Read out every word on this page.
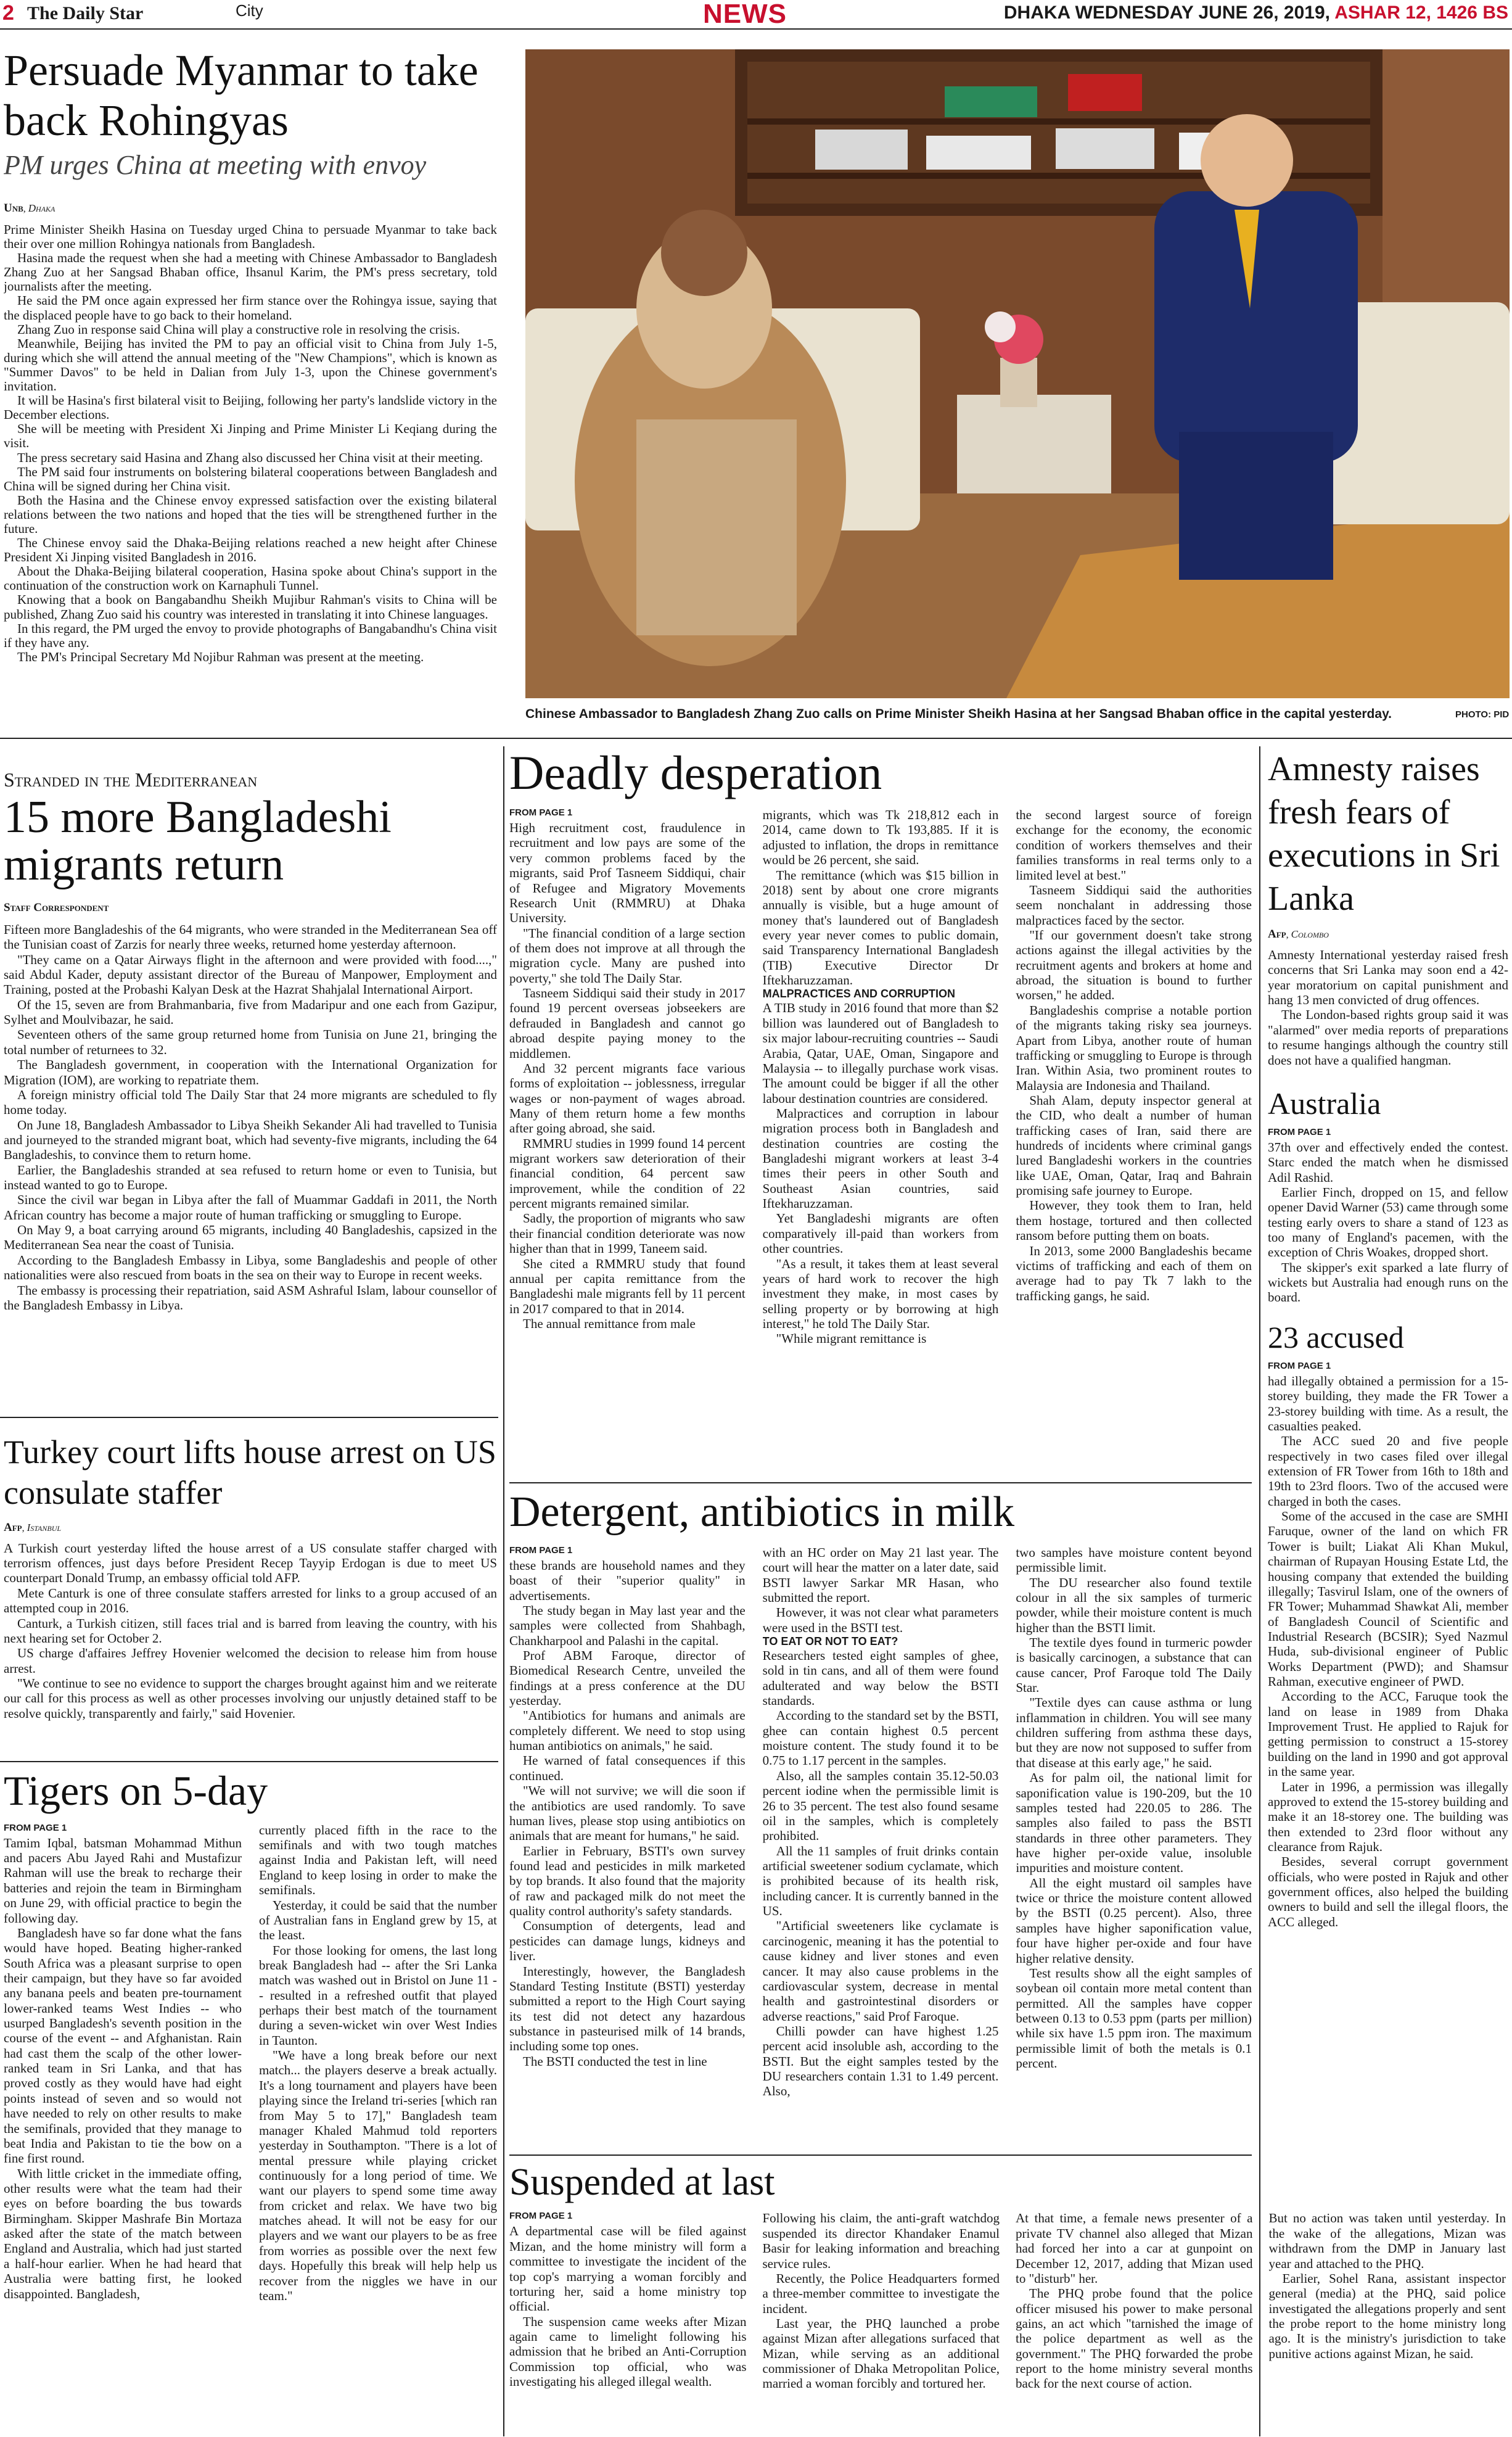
2 The Daily Star	City	NEWS	DHAKA WEDNESDAY JUNE 26, 2019, ASHAR 12, 1426 BS
Persuade Myanmar to take back Rohingyas
PM urges China at meeting with envoy
Unb, Dhaka

Prime Minister Sheikh Hasina on Tuesday urged China to persuade Myanmar to take back their over one million Rohingya nationals from Bangladesh.

Hasina made the request when she had a meeting with Chinese Ambassador to Bangladesh Zhang Zuo at her Sangsad Bhaban office, Ihsanul Karim, the PM's press secretary, told journalists after the meeting.

He said the PM once again expressed her firm stance over the Rohingya issue, saying that the displaced people have to go back to their homeland.

Zhang Zuo in response said China will play a constructive role in resolving the crisis.

Meanwhile, Beijing has invited the PM to pay an official visit to China from July 1-5, during which she will attend the annual meeting of the "New Champions", which is known as "Summer Davos" to be held in Dalian from July 1-3, upon the Chinese government's invitation.

It will be Hasina's first bilateral visit to Beijing, following her party's landslide victory in the December elections.

She will be meeting with President Xi Jinping and Prime Minister Li Keqiang during the visit.

The press secretary said Hasina and Zhang also discussed her China visit at their meeting.

The PM said four instruments on bolstering bilateral cooperations between Bangladesh and China will be signed during her China visit.

Both the Hasina and the Chinese envoy expressed satisfaction over the existing bilateral relations between the two nations and hoped that the ties will be strengthened further in the future.

The Chinese envoy said the Dhaka-Beijing relations reached a new height after Chinese President Xi Jinping visited Bangladesh in 2016.

About the Dhaka-Beijing bilateral cooperation, Hasina spoke about China's support in the continuation of the construction work on Karnaphuli Tunnel.

Knowing that a book on Bangabandhu Sheikh Mujibur Rahman's visits to China will be published, Zhang Zuo said his country was interested in translating it into Chinese languages.

In this regard, the PM urged the envoy to provide photographs of Bangabandhu's China visit if they have any.

The PM's Principal Secretary Md Nojibur Rahman was present at the meeting.

Chinese Ambassador to Bangladesh Zhang Zuo calls on Prime Minister Sheikh Hasina at her Sangsad Bhaban office in the capital yesterday.	PHOTO: PID
Stranded in the Mediterranean
15 more Bangladeshi migrants return
Staff Correspondent

Fifteen more Bangladeshis of the 64 migrants, who were stranded in the Mediterranean Sea off the Tunisian coast of Zarzis for nearly three weeks, returned home yesterday afternoon.

"They came on a Qatar Airways flight in the afternoon and were provided with food....," said Abdul Kader, deputy assistant director of the Bureau of Manpower, Employment and Training, posted at the Probashi Kalyan Desk at the Hazrat Shahjalal International Airport.

Of the 15, seven are from Brahmanbaria, five from Madaripur and one each from Gazipur, Sylhet and Moulvibazar, he said.

Seventeen others of the same group returned home from Tunisia on June 21, bringing the total number of returnees to 32.

The Bangladesh government, in cooperation with the International Organization for Migration (IOM), are working to repatriate them.

A foreign ministry official told The Daily Star that 24 more migrants are scheduled to fly home today.

On June 18, Bangladesh Ambassador to Libya Sheikh Sekander Ali had travelled to Tunisia and journeyed to the stranded migrant boat, which had seventy-five migrants, including the 64 Bangladeshis, to convince them to return home.

Earlier, the Bangladeshis stranded at sea refused to return home or even to Tunisia, but instead wanted to go to Europe.

Since the civil war began in Libya after the fall of Muammar Gaddafi in 2011, the North African country has become a major route of human trafficking or smuggling to Europe.

On May 9, a boat carrying around 65 migrants, including 40 Bangladeshis, capsized in the Mediterranean Sea near the coast of Tunisia.

According to the Bangladesh Embassy in Libya, some Bangladeshis and people of other nationalities were also rescued from boats in the sea on their way to Europe in recent weeks.

The embassy is processing their repatriation, said ASM Ashraful Islam, labour counsellor of the Bangladesh Embassy in Libya.

Turkey court lifts house arrest on US consulate staffer
Afp, Istanbul

A Turkish court yesterday lifted the house arrest of a US consulate staffer charged with terrorism offences, just days before President Recep Tayyip Erdogan is due to meet US counterpart Donald Trump, an embassy official told AFP.

Mete Canturk is one of three consulate staffers arrested for links to a group accused of an attempted coup in 2016.

Canturk, a Turkish citizen, still faces trial and is barred from leaving the country, with his next hearing set for October 2.

US charge d'affaires Jeffrey Hovenier welcomed the decision to release him from house arrest.

"We continue to see no evidence to support the charges brought against him and we reiterate our call for this process as well as other processes involving our unjustly detained staff to be resolve quickly, transparently and fairly," said Hovenier.

Tigers on 5-day
FROM PAGE 1

Tamim Iqbal, batsman Mohammad Mithun and pacers Abu Jayed Rahi and Mustafizur Rahman will use the break to recharge their batteries and rejoin the team in Birmingham on June 29, with official practice to begin the following day.

Bangladesh have so far done what the fans would have hoped. Beating higher-ranked South Africa was a pleasant surprise to open their campaign, but they have so far avoided any banana peels and beaten pre-tournament lower-ranked teams West Indies -- who usurped Bangladesh's seventh position in the course of the event -- and Afghanistan. Rain had cast them the scalp of the other lower-ranked team in Sri Lanka, and that has proved costly as they would have had eight points instead of seven and so would not have needed to rely on other results to make the semifinals, provided that they manage to beat India and Pakistan to tie the bow on a fine first round.

With little cricket in the immediate offing, other results were what the team had their eyes on before boarding the bus towards Birmingham. Skipper Mashrafe Bin Mortaza asked after the state of the match between England and Australia, which had just started a half-hour earlier. When he had heard that Australia were batting first, he looked disappointed. Bangladesh,

currently placed fifth in the race to the semifinals and with two tough matches against India and Pakistan left, will need England to keep losing in order to make the semifinals.

Yesterday, it could be said that the number of Australian fans in England grew by 15, at the least.

For those looking for omens, the last long break Bangladesh had -- after the Sri Lanka match was washed out in Bristol on June 11 -- resulted in a refreshed outfit that played perhaps their best match of the tournament during a seven-wicket win over West Indies in Taunton.

"We have a long break before our next match... the players deserve a break actually. It's a long tournament and players have been playing since the Ireland tri-series [which ran from May 5 to 17]," Bangladesh team manager Khaled Mahmud told reporters yesterday in Southampton. "There is a lot of mental pressure while playing cricket continuously for a long period of time. We want our players to spend some time away from cricket and relax. We have two big matches ahead. It will not be easy for our players and we want our players to be as free from worries as possible over the next few days. Hopefully this break will help help us recover from the niggles we have in our team."

Deadly desperation
FROM PAGE 1

High recruitment cost, fraudulence in recruitment and low pays are some of the very common problems faced by the migrants, said Prof Tasneem Siddiqui, chair of Refugee and Migratory Movements Research Unit (RMMRU) at Dhaka University.

"The financial condition of a large section of them does not improve at all through the migration cycle. Many are pushed into poverty," she told The Daily Star.

Tasneem Siddiqui said their study in 2017 found 19 percent overseas jobseekers are defrauded in Bangladesh and cannot go abroad despite paying money to the middlemen.

And 32 percent migrants face various forms of exploitation -- joblessness, irregular wages or non-payment of wages abroad. Many of them return home a few months after going abroad, she said.

RMMRU studies in 1999 found 14 percent migrant workers saw deterioration of their financial condition, 64 percent saw improvement, while the condition of 22 percent migrants remained similar.

Sadly, the proportion of migrants who saw their financial condition deteriorate was now higher than that in 1999, Taneem said.

She cited a RMMRU study that found annual per capita remittance from the Bangladeshi male migrants fell by 11 percent in 2017 compared to that in 2014.

The annual remittance from male

migrants, which was Tk 218,812 each in 2014, came down to Tk 193,885. If it is adjusted to inflation, the drops in remittance would be 26 percent, she said.

The remittance (which was $15 billion in 2018) sent by about one crore migrants annually is visible, but a huge amount of money that's laundered out of Bangladesh every year never comes to public domain, said Transparency International Bangladesh (TIB) Executive Director Dr Iftekharuzzaman.

MALPRACTICES AND CORRUPTION

A TIB study in 2016 found that more than $2 billion was laundered out of Bangladesh to six major labour-recruiting countries -- Saudi Arabia, Qatar, UAE, Oman, Singapore and Malaysia -- to illegally purchase work visas. The amount could be bigger if all the other labour destination countries are considered.

Malpractices and corruption in labour migration process both in Bangladesh and destination countries are costing the Bangladeshi migrant workers at least 3-4 times their peers in other South and Southeast Asian countries, said Iftekharuzzaman.

Yet Bangladeshi migrants are often comparatively ill-paid than workers from other countries.

"As a result, it takes them at least several years of hard work to recover the high investment they make, in most cases by selling property or by borrowing at high interest," he told The Daily Star.

"While migrant remittance is

the second largest source of foreign exchange for the economy, the economic condition of workers themselves and their families transforms in real terms only to a limited level at best."

Tasneem Siddiqui said the authorities seem nonchalant in addressing those malpractices faced by the sector.

"If our government doesn't take strong actions against the illegal activities by the recruitment agents and brokers at home and abroad, the situation is bound to further worsen," he added.

Bangladeshis comprise a notable portion of the migrants taking risky sea journeys. Apart from Libya, another route of human trafficking or smuggling to Europe is through Iran. Within Asia, two prominent routes to Malaysia are Indonesia and Thailand.

Shah Alam, deputy inspector general at the CID, who dealt a number of human trafficking cases of Iran, said there are hundreds of incidents where criminal gangs lured Bangladeshi workers in the countries like UAE, Oman, Qatar, Iraq and Bahrain promising safe journey to Europe.

However, they took them to Iran, held them hostage, tortured and then collected ransom before putting them on boats.

In 2013, some 2000 Bangladeshis became victims of trafficking and each of them on average had to pay Tk 7 lakh to the trafficking gangs, he said.

Detergent, antibiotics in milk
FROM PAGE 1

these brands are household names and they boast of their "superior quality" in advertisements.

The study began in May last year and the samples were collected from Shahbagh, Chankharpool and Palashi in the capital.

Prof ABM Faroque, director of Biomedical Research Centre, unveiled the findings at a press conference at the DU yesterday.

"Antibiotics for humans and animals are completely different. We need to stop using human antibiotics on animals," he said.

He warned of fatal consequences if this continued.

"We will not survive; we will die soon if the antibiotics are used randomly. To save human lives, please stop using antibiotics on animals that are meant for humans," he said.

Earlier in February, BSTI's own survey found lead and pesticides in milk marketed by top brands. It also found that the majority of raw and packaged milk do not meet the quality control authority's safety standards.

Consumption of detergents, lead and pesticides can damage lungs, kidneys and liver.

Interestingly, however, the Bangladesh Standard Testing Institute (BSTI) yesterday submitted a report to the High Court saying its test did not detect any hazardous substance in pasteurised milk of 14 brands, including some top ones.

The BSTI conducted the test in line

with an HC order on May 21 last year. The court will hear the matter on a later date, said BSTI lawyer Sarkar MR Hasan, who submitted the report.

However, it was not clear what parameters were used in the BSTI test.

TO EAT OR NOT TO EAT?

Researchers tested eight samples of ghee, sold in tin cans, and all of them were found adulterated and way below the BSTI standards.

According to the standard set by the BSTI, ghee can contain highest 0.5 percent moisture content. The study found it to be 0.75 to 1.17 percent in the samples.

Also, all the samples contain 35.12-50.03 percent iodine when the permissible limit is 26 to 35 percent. The test also found sesame oil in the samples, which is completely prohibited.

All the 11 samples of fruit drinks contain artificial sweetener sodium cyclamate, which is prohibited because of its health risk, including cancer. It is currently banned in the US.

"Artificial sweeteners like cyclamate is carcinogenic, meaning it has the potential to cause kidney and liver stones and even cancer. It may also cause problems in the cardiovascular system, decrease in mental health and gastrointestinal disorders or adverse reactions," said Prof Faroque.

Chilli powder can have highest 1.25 percent acid insoluble ash, according to the BSTI. But the eight samples tested by the DU researchers contain 1.31 to 1.49 percent. Also,

two samples have moisture content beyond permissible limit.

The DU researcher also found textile colour in all the six samples of turmeric powder, while their moisture content is much higher than the BSTI limit.

The textile dyes found in turmeric powder is basically carcinogen, a substance that can cause cancer, Prof Faroque told The Daily Star.

"Textile dyes can cause asthma or lung inflammation in children. You will see many children suffering from asthma these days, but they are now not supposed to suffer from that disease at this early age," he said.

As for palm oil, the national limit for saponification value is 190-209, but the 10 samples tested had 220.05 to 286. The samples also failed to pass the BSTI standards in three other parameters. They have higher per-oxide value, insoluble impurities and moisture content.

All the eight mustard oil samples have twice or thrice the moisture content allowed by the BSTI (0.25 percent). Also, three samples have higher saponification value, four have higher per-oxide and four have higher relative density.

Test results show all the eight samples of soybean oil contain more metal content than permitted. All the samples have copper between 0.13 to 0.53 ppm (parts per million) while six have 1.5 ppm iron. The maximum permissible limit of both the metals is 0.1 percent.

Suspended at last
FROM PAGE 1

A departmental case will be filed against Mizan, and the home ministry will form a committee to investigate the incident of the top cop's marrying a woman forcibly and torturing her, said a home ministry top official.

The suspension came weeks after Mizan again came to limelight following his admission that he bribed an Anti-Corruption Commission top official, who was investigating his alleged illegal wealth.

Following his claim, the anti-graft watchdog suspended its director Khandaker Enamul Basir for leaking information and breaching service rules.

Recently, the Police Headquarters formed a three-member committee to investigate the incident.

Last year, the PHQ launched a probe against Mizan after allegations surfaced that Mizan, while serving as an additional commissioner of Dhaka Metropolitan Police, married a woman forcibly and tortured her.

At that time, a female news presenter of a private TV channel also alleged that Mizan had forced her into a car at gunpoint on December 12, 2017, adding that Mizan used to "disturb" her.

The PHQ probe found that the police officer misused his power to make personal gains, an act which "tarnished the image of the police department as well as the government." The PHQ forwarded the probe report to the home ministry several months back for the next course of action.

But no action was taken until yesterday. In the wake of the allegations, Mizan was withdrawn from the DMP in January last year and attached to the PHQ.

Earlier, Sohel Rana, assistant inspector general (media) at the PHQ, said police investigated the allegations properly and sent the probe report to the home ministry long ago. It is the ministry's jurisdiction to take punitive actions against Mizan, he said.

Amnesty raises fresh fears of executions in Sri Lanka
Afp, Colombo

Amnesty International yesterday raised fresh concerns that Sri Lanka may soon end a 42-year moratorium on capital punishment and hang 13 men convicted of drug offences.

The London-based rights group said it was "alarmed" over media reports of preparations to resume hangings although the country still does not have a qualified hangman.

Australia
FROM PAGE 1

37th over and effectively ended the contest. Starc ended the match when he dismissed Adil Rashid.

Earlier Finch, dropped on 15, and fellow opener David Warner (53) came through some testing early overs to share a stand of 123 as too many of England's pacemen, with the exception of Chris Woakes, dropped short.

The skipper's exit sparked a late flurry of wickets but Australia had enough runs on the board.

23 accused
FROM PAGE 1

had illegally obtained a permission for a 15-storey building, they made the FR Tower a 23-storey building with time. As a result, the casualties peaked.

The ACC sued 20 and five people respectively in two cases filed over illegal extension of FR Tower from 16th to 18th and 19th to 23rd floors. Two of the accused were charged in both the cases.

Some of the accused in the case are SMHI Faruque, owner of the land on which FR Tower is built; Liakat Ali Khan Mukul, chairman of Rupayan Housing Estate Ltd, the housing company that extended the building illegally; Tasvirul Islam, one of the owners of FR Tower; Muhammad Shawkat Ali, member of Bangladesh Council of Scientific and Industrial Research (BCSIR); Syed Nazmul Huda, sub-divisional engineer of Public Works Department (PWD); and Shamsur Rahman, executive engineer of PWD.

According to the ACC, Faruque took the land on lease in 1989 from Dhaka Improvement Trust. He applied to Rajuk for getting permission to construct a 15-storey building on the land in 1990 and got approval in the same year.

Later in 1996, a permission was illegally approved to extend the 15-storey building and make it an 18-storey one. The building was then extended to 23rd floor without any clearance from Rajuk.

Besides, several corrupt government officials, who were posted in Rajuk and other government offices, also helped the building owners to build and sell the illegal floors, the ACC alleged.
